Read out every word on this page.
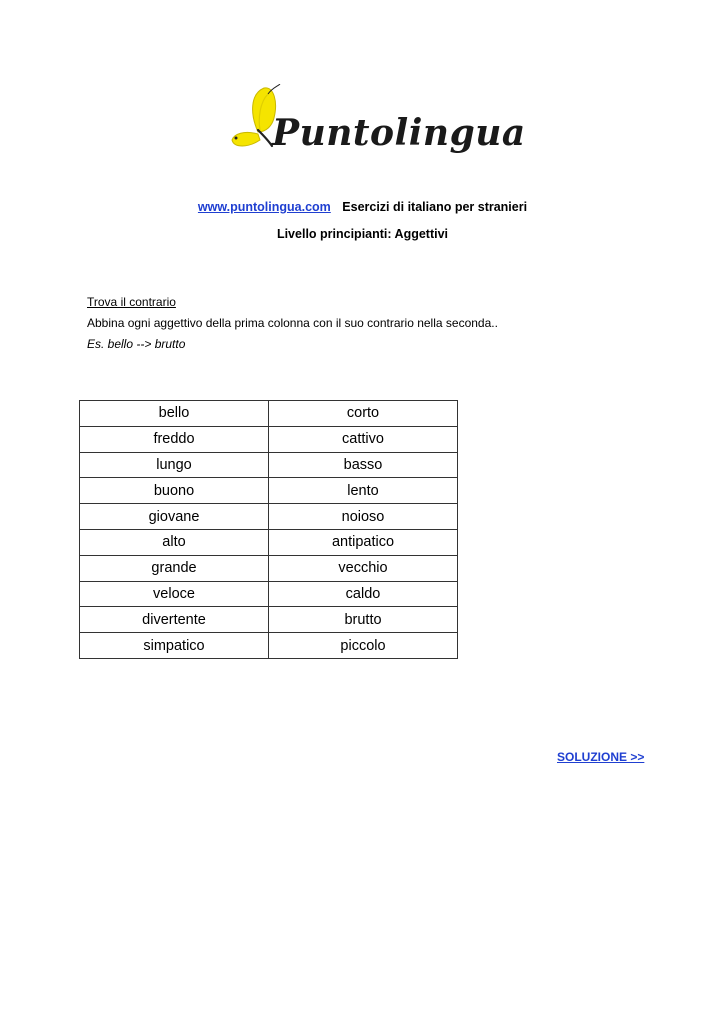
Puntolingua
www.puntolingua.com Esercizi di italiano per stranieri
Livello principianti: Aggettivi
Trova il contrario
Abbina ogni aggettivo della prima colonna con il suo contrario nella seconda..
Es. bello --> brutto
bello	corto
freddo	cattivo
lungo	basso
buono	lento
giovane	noioso
alto	antipatico
grande	vecchio
veloce	caldo
divertente	brutto
simpatico	piccolo
SOLUZIONE >>
